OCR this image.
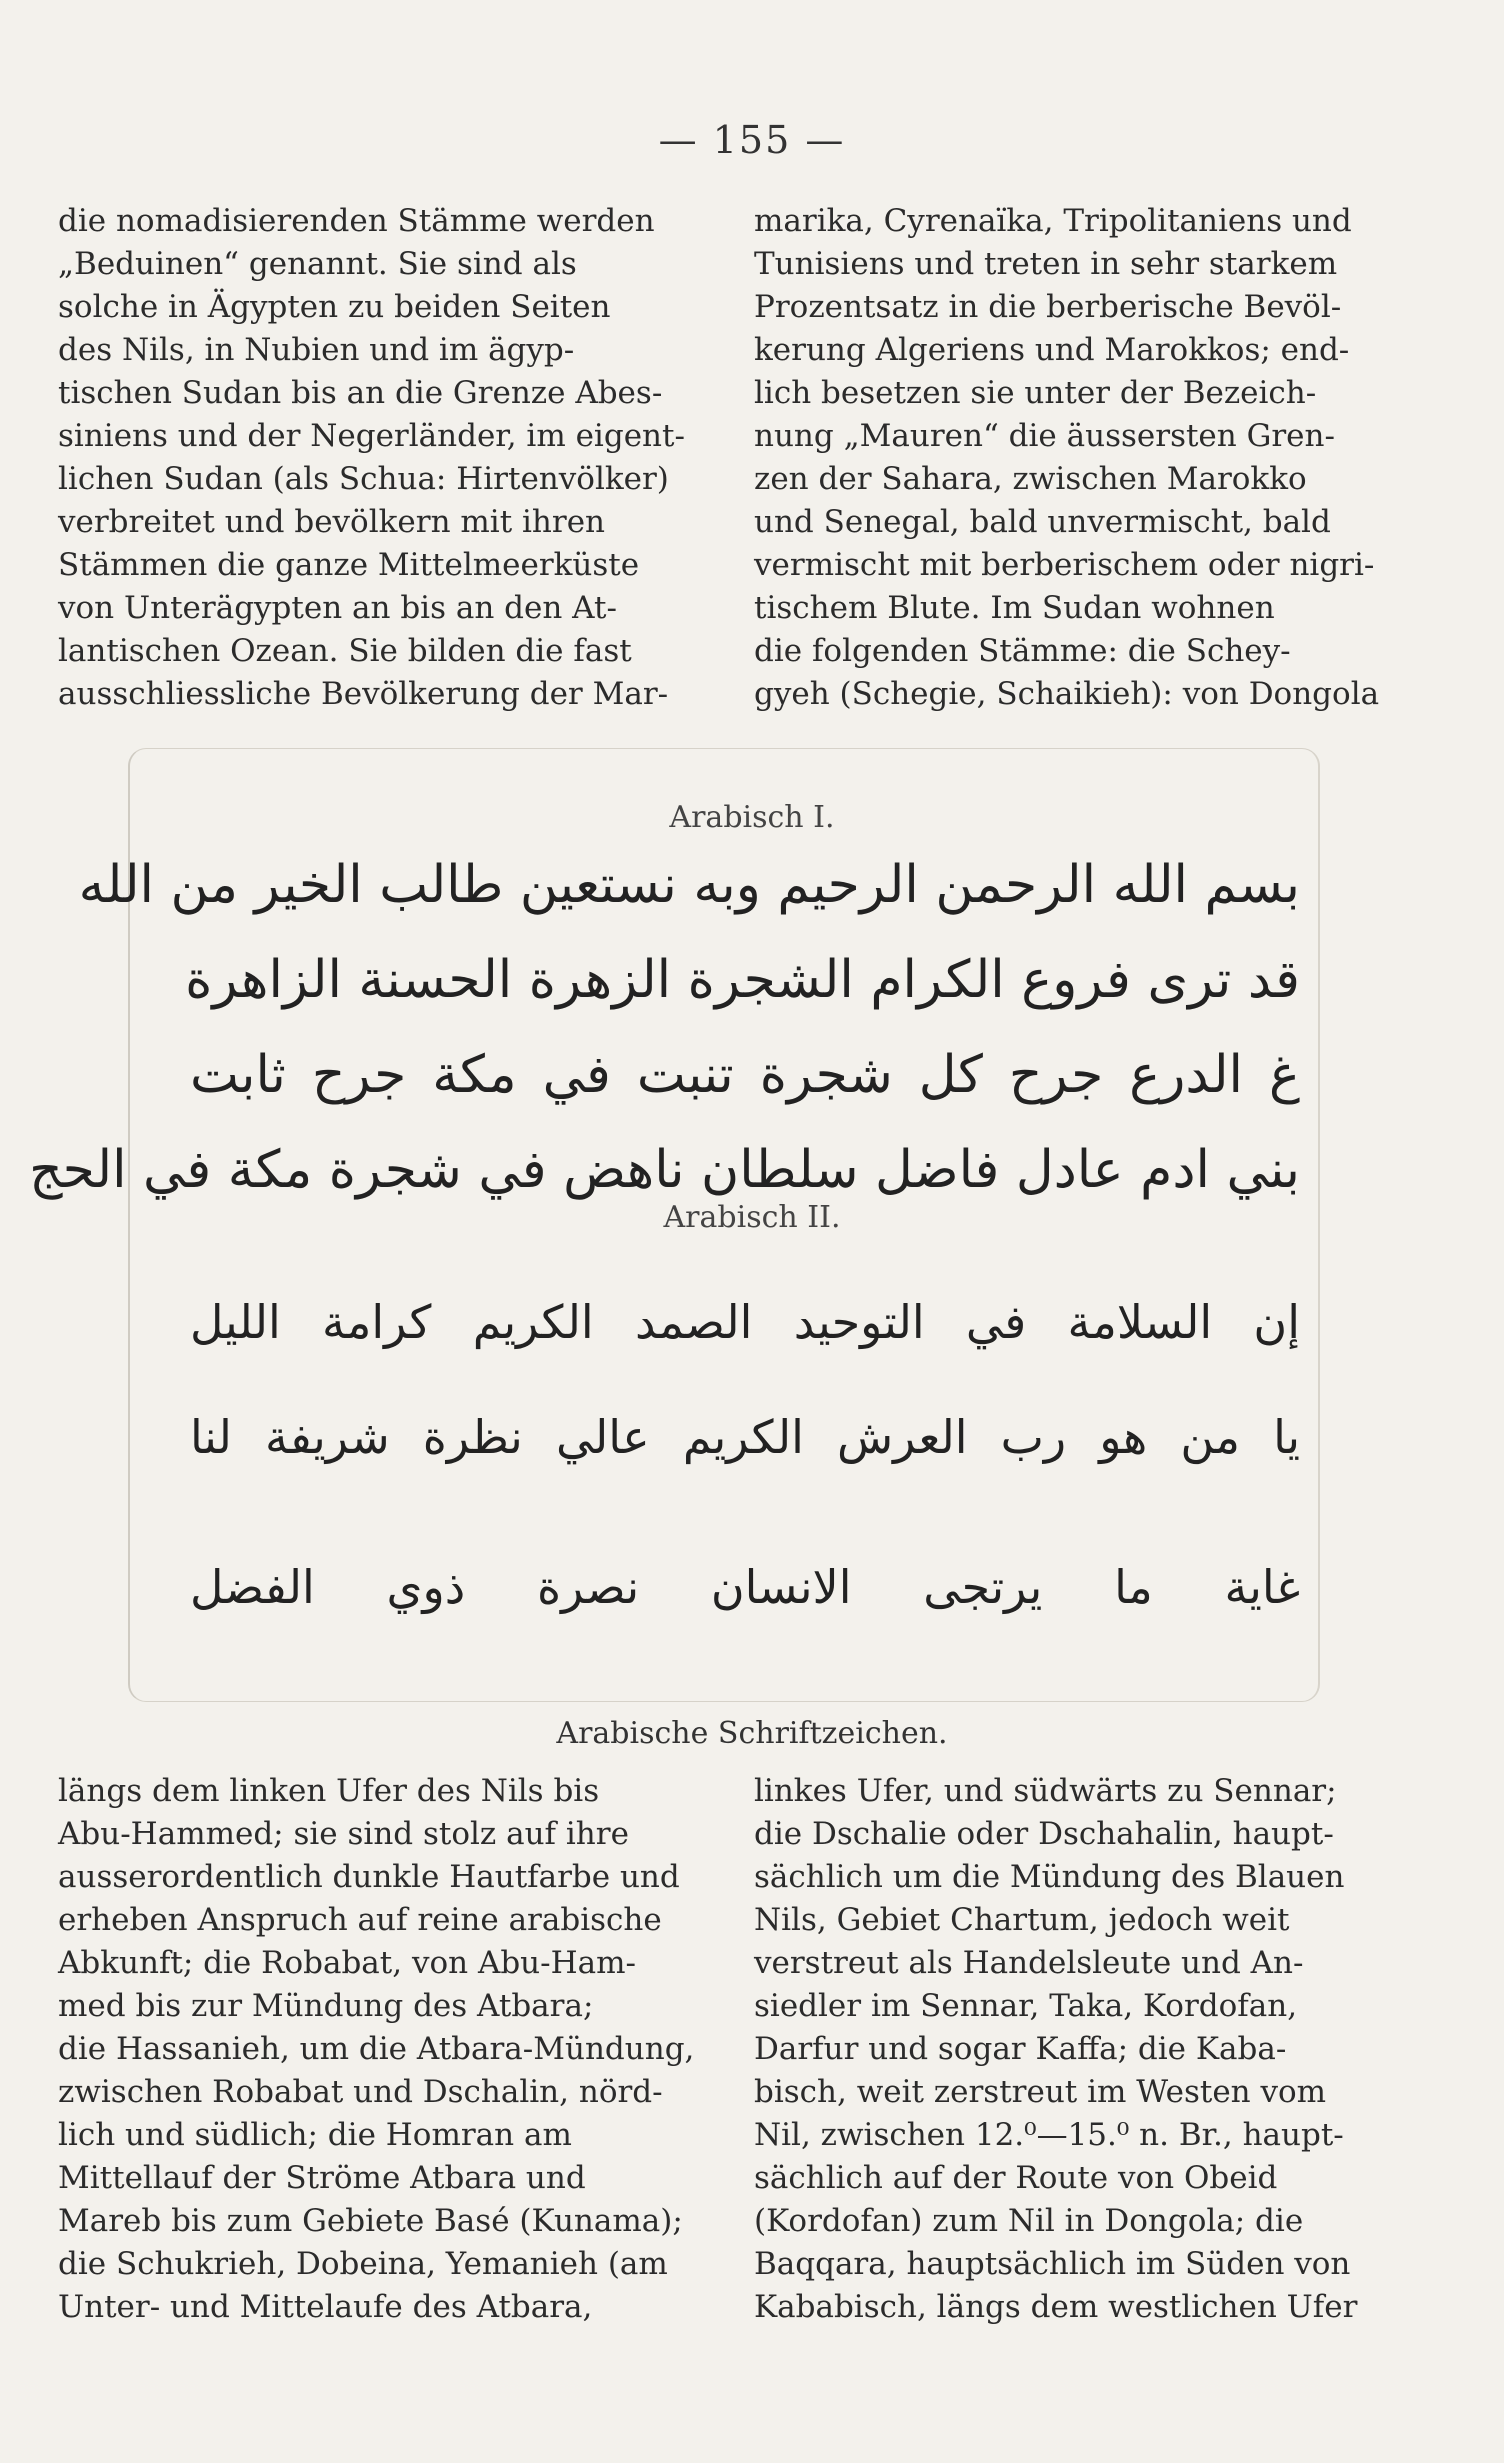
— 155 —
die nomadisierenden Stämme werden
„Beduinen“ genannt. Sie sind als
solche in Ägypten zu beiden Seiten
des Nils, in Nubien und im ägyp-
tischen Sudan bis an die Grenze Abes-
siniens und der Negerländer, im eigent-
lichen Sudan (als Schua: Hirtenvölker)
verbreitet und bevölkern mit ihren
Stämmen die ganze Mittelmeerküste
von Unterägypten an bis an den At-
lantischen Ozean. Sie bilden die fast
ausschliessliche Bevölkerung der Mar-
marika, Cyrenaïka, Tripolitaniens und
Tunisiens und treten in sehr starkem
Prozentsatz in die berberische Bevöl-
kerung Algeriens und Marokkos; end-
lich besetzen sie unter der Bezeich-
nung „Mauren“ die äussersten Gren-
zen der Sahara, zwischen Marokko
und Senegal, bald unvermischt, bald
vermischt mit berberischem oder nigri-
tischem Blute. Im Sudan wohnen
die folgenden Stämme: die Schey-
gyeh (Schegie, Schaikieh): von Dongola
Arabisch I.
بسم الله الرحمن الرحيم وبه نستعين طالب الخير من الله
قد ترى فروع الكرام الشجرة الزهرة الحسنة الزاهرة
غ الدرع جرح كل شجرة تنبت في مكة جرح ثابت
بني ادم عادل فاضل سلطان ناهض في شجرة مكة في الحج
Arabisch II.
إن السلامة في التوحيد الصمد الكريم كرامة الليل
يا من هو رب العرش الكريم عالي نظرة شريفة لنا
غاية ما يرتجى الانسان نصرة ذوي الفضل
Arabische Schriftzeichen.
längs dem linken Ufer des Nils bis
Abu-Hammed; sie sind stolz auf ihre
ausserordentlich dunkle Hautfarbe und
erheben Anspruch auf reine arabische
Abkunft; die Robabat, von Abu-Ham-
med bis zur Mündung des Atbara;
die Hassanieh, um die Atbara-Mündung,
zwischen Robabat und Dschalin, nörd-
lich und südlich; die Homran am
Mittellauf der Ströme Atbara und
Mareb bis zum Gebiete Basé (Kunama);
die Schukrieh, Dobeina, Yemanieh (am
Unter- und Mittelaufe des Atbara,
linkes Ufer, und südwärts zu Sennar;
die Dschalie oder Dschahalin, haupt-
sächlich um die Mündung des Blauen
Nils, Gebiet Chartum, jedoch weit
verstreut als Handelsleute und An-
siedler im Sennar, Taka, Kordofan,
Darfur und sogar Kaffa; die Kaba-
bisch, weit zerstreut im Westen vom
Nil, zwischen 12.⁰—15.⁰ n. Br., haupt-
sächlich auf der Route von Obeid
(Kordofan) zum Nil in Dongola; die
Baqqara, hauptsächlich im Süden von
Kababisch, längs dem westlichen Ufer
